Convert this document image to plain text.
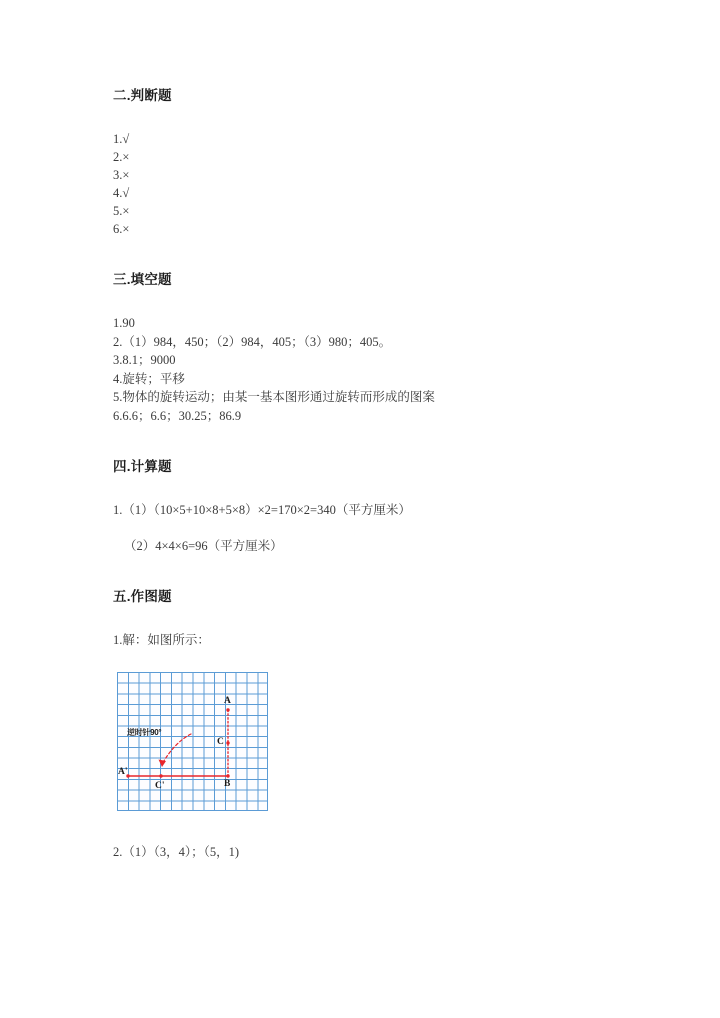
二.判断题
1.√
2.×
3.×
4.√
5.×
6.×
三.填空题
1.90
2.（1）984，450；（2）984，405；（3）980；405。
3.8.1；9000
4.旋转；平移
5.物体的旋转运动；由某一基本图形通过旋转而形成的图案
6.6.6；6.6；30.25；86.9
四.计算题
1.（1）（10×5+10×8+5×8）×2=170×2=340（平方厘米）
（2）4×4×6=96（平方厘米）
五.作图题
1.解：如图所示：
A
C
B
A'
C'
逆时针90°
2.（1）（3，4）；（5，1)
